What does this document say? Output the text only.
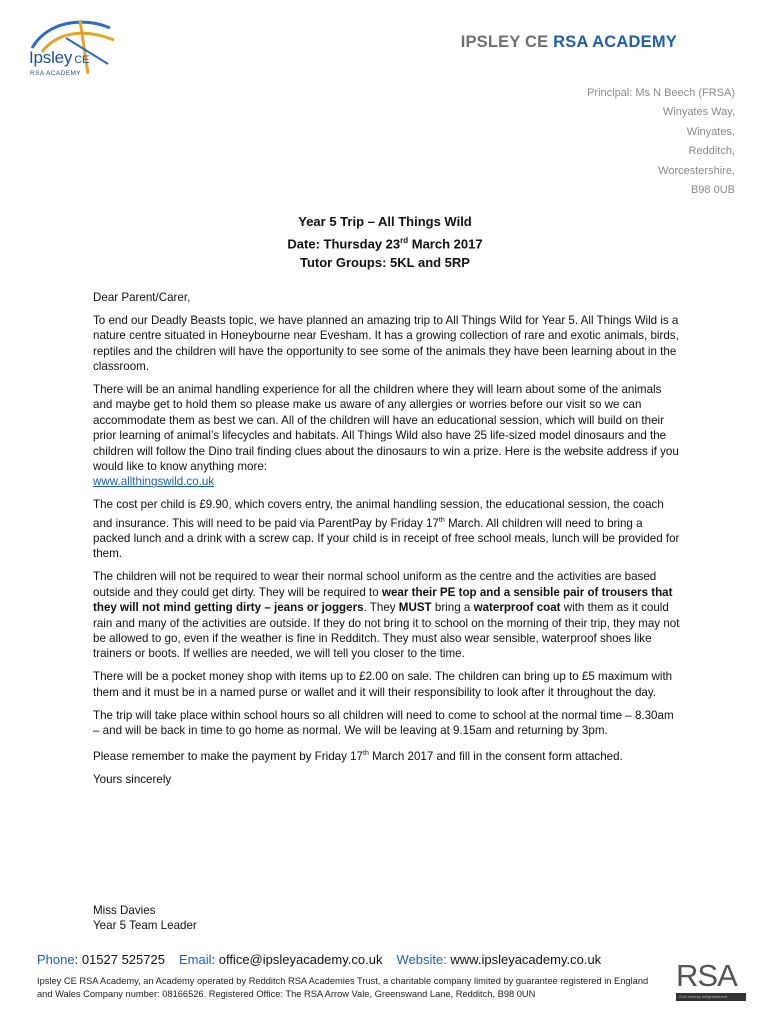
Ipsley CE
RSA ACADEMY
IPSLEY CE RSA ACADEMY
Principal: Ms N Beech (FRSA)
Winyates Way,
Winyates,
Redditch,
Worcestershire,
B98 0UB
Year 5 Trip – All Things Wild
Date: Thursday 23rd March 2017
Tutor Groups: 5KL and 5RP

Dear Parent/Carer,

To end our Deadly Beasts topic, we have planned an amazing trip to All Things Wild for Year 5. All Things Wild is a nature centre situated in Honeybourne near Evesham. It has a growing collection of rare and exotic animals, birds, reptiles and the children will have the opportunity to see some of the animals they have been learning about in the classroom.

There will be an animal handling experience for all the children where they will learn about some of the animals and maybe get to hold them so please make us aware of any allergies or worries before our visit so we can accommodate them as best we can. All of the children will have an educational session, which will build on their prior learning of animal’s lifecycles and habitats. All Things Wild also have 25 life-sized model dinosaurs and the children will follow the Dino trail finding clues about the dinosaurs to win a prize. Here is the website address if you would like to know anything more:
www.allthingswild.co.uk

The cost per child is £9.90, which covers entry, the animal handling session, the educational session, the coach and insurance. This will need to be paid via ParentPay by Friday 17th March. All children will need to bring a packed lunch and a drink with a screw cap. If your child is in receipt of free school meals, lunch will be provided for them.

The children will not be required to wear their normal school uniform as the centre and the activities are based outside and they could get dirty. They will be required to wear their PE top and a sensible pair of trousers that they will not mind getting dirty – jeans or joggers. They MUST bring a waterproof coat with them as it could rain and many of the activities are outside. If they do not bring it to school on the morning of their trip, they may not be allowed to go, even if the weather is fine in Redditch. They must also wear sensible, waterproof shoes like trainers or boots. If wellies are needed, we will tell you closer to the time.

There will be a pocket money shop with items up to £2.00 on sale. The children can bring up to £5 maximum with them and it must be in a named purse or wallet and it will their responsibility to look after it throughout the day.

The trip will take place within school hours so all children will need to come to school at the normal time – 8.30am – and will be back in time to go home as normal. We will be leaving at 9.15am and returning by 3pm.

Please remember to make the payment by Friday 17th March 2017 and fill in the consent form attached.

Yours sincerely

Miss Davies
Year 5 Team Leader
Phone: 01527 525725 Email: office@ipsleyacademy.co.uk Website: www.ipsleyacademy.co.uk
Ipsley CE RSA Academy, an Academy operated by Redditch RSA Academies Trust, a charitable company limited by guarantee registered in England and Wales Company number: 08166526. Registered Office: The RSA Arrow Vale, Greenswand Lane, Redditch, B98 0UN
RSA
21st century enlightenment
